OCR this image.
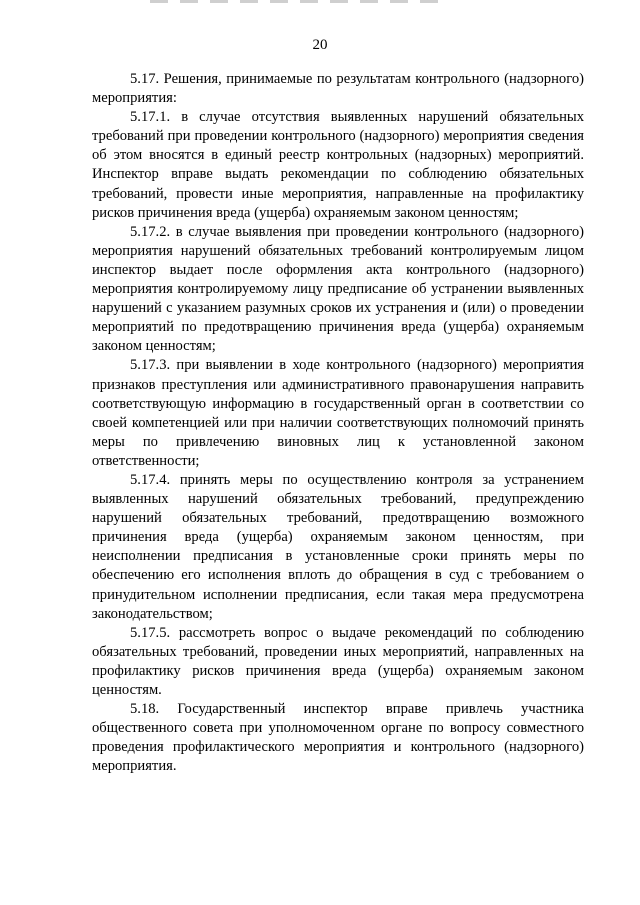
20

5.17. Решения, принимаемые по результатам контрольного (надзорного) мероприятия:

5.17.1. в случае отсутствия выявленных нарушений обязательных требований при проведении контрольного (надзорного) мероприятия сведения об этом вносятся в единый реестр контрольных (надзорных) мероприятий. Инспектор вправе выдать рекомендации по соблюдению обязательных требований, провести иные мероприятия, направленные на профилактику рисков причинения вреда (ущерба) охраняемым законом ценностям;

5.17.2. в случае выявления при проведении контрольного (надзорного) мероприятия нарушений обязательных требований контролируемым лицом инспектор выдает после оформления акта контрольного (надзорного) мероприятия контролируемому лицу предписание об устранении выявленных нарушений с указанием разумных сроков их устранения и (или) о проведении мероприятий по предотвращению причинения вреда (ущерба) охраняемым законом ценностям;

5.17.3. при выявлении в ходе контрольного (надзорного) мероприятия признаков преступления или административного правонарушения направить соответствующую информацию в государственный орган в соответствии со своей компетенцией или при наличии соответствующих полномочий принять меры по привлечению виновных лиц к установленной законом ответственности;

5.17.4. принять меры по осуществлению контроля за устранением выявленных нарушений обязательных требований, предупреждению нарушений обязательных требований, предотвращению возможного причинения вреда (ущерба) охраняемым законом ценностям, при неисполнении предписания в установленные сроки принять меры по обеспечению его исполнения вплоть до обращения в суд с требованием о принудительном исполнении предписания, если такая мера предусмотрена законодательством;

5.17.5. рассмотреть вопрос о выдаче рекомендаций по соблюдению обязательных требований, проведении иных мероприятий, направленных на профилактику рисков причинения вреда (ущерба) охраняемым законом ценностям.

5.18. Государственный инспектор вправе привлечь участника общественного совета при уполномоченном органе по вопросу совместного проведения профилактического мероприятия и контрольного (надзорного) мероприятия.
